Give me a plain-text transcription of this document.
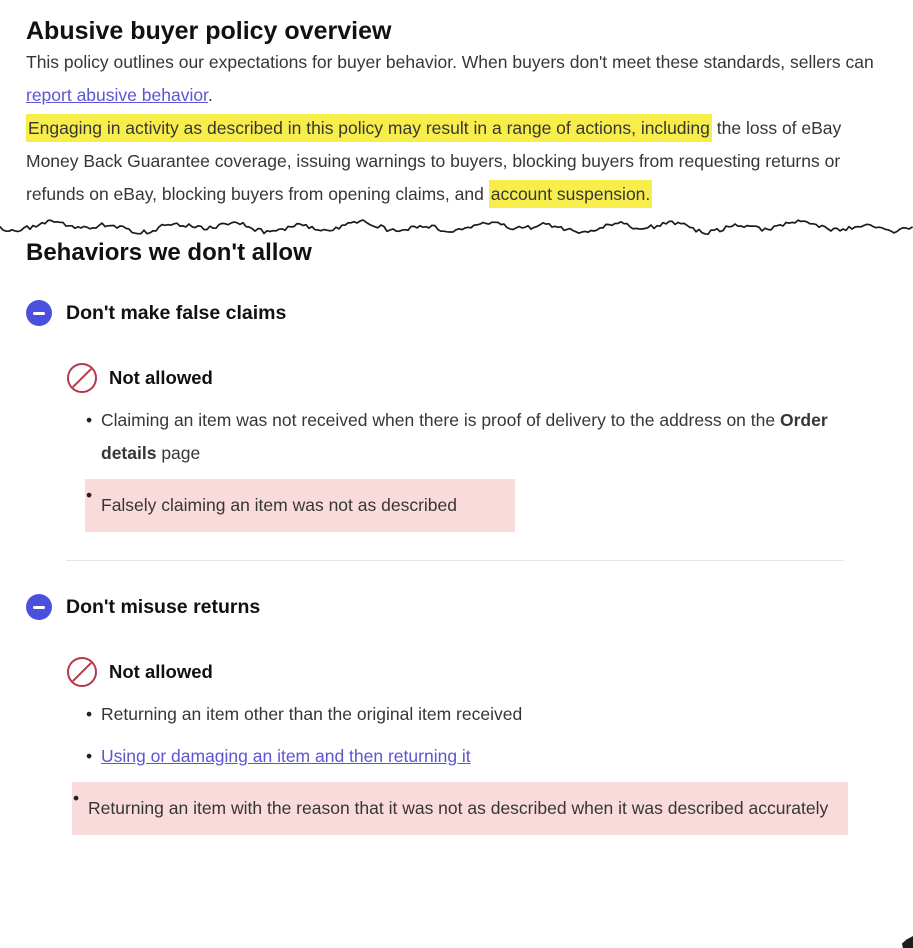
Abusive buyer policy overview

This policy outlines our expectations for buyer behavior. When buyers don't meet these standards, sellers can report abusive behavior.

Engaging in activity as described in this policy may result in a range of actions, including the loss of eBay Money Back Guarantee coverage, issuing warnings to buyers, blocking buyers from requesting returns or refunds on eBay, blocking buyers from opening claims, and account suspension.

Behaviors we don't allow
Don't make false claims
Not allowed
• Claiming an item was not received when there is proof of delivery to the address on the Order details page
• Falsely claiming an item was not as described
Don't misuse returns
Not allowed
• Returning an item other than the original item received
• Using or damaging an item and then returning it
• Returning an item with the reason that it was not as described when it was described accurately
